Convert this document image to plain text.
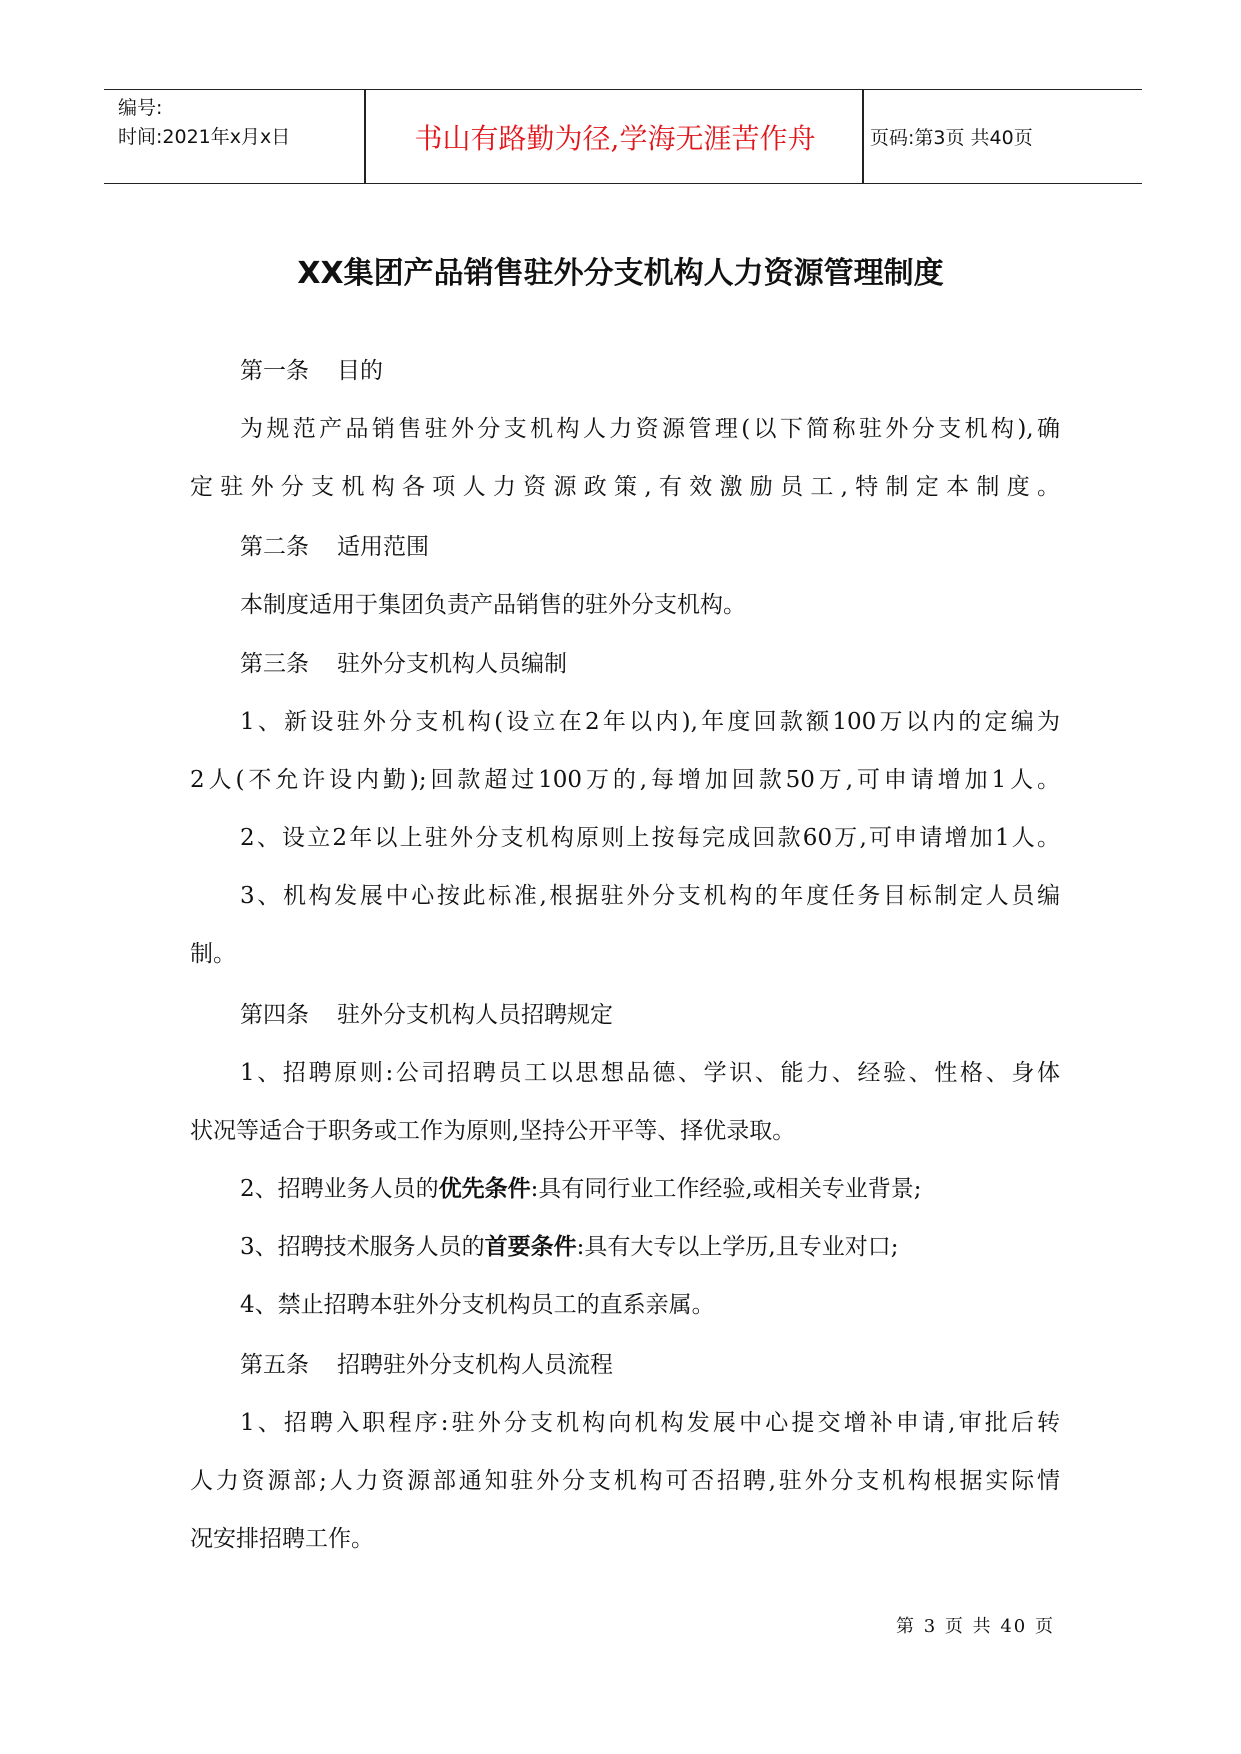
编号:
时间:2021年x月x日	书山有路勤为径,学海无涯苦作舟	页码:第3页 共40页
XX集团产品销售驻外分支机构人力资源管理制度
第一条 目的
为规范产品销售驻外分支机构人力资源管理(以下简称驻外分支机构),确
定驻外分支机构各项人力资源政策,有效激励员工,特制定本制度。
第二条 适用范围
本制度适用于集团负责产品销售的驻外分支机构。
第三条 驻外分支机构人员编制
1、新设驻外分支机构(设立在2年以内),年度回款额100万以内的定编为
2人(不允许设内勤);回款超过100万的,每增加回款50万,可申请增加1人。
2、设立2年以上驻外分支机构原则上按每完成回款60万,可申请增加1人。
3、机构发展中心按此标准,根据驻外分支机构的年度任务目标制定人员编
制。
第四条 驻外分支机构人员招聘规定
1、招聘原则:公司招聘员工以思想品德、学识、能力、经验、性格、身体
状况等适合于职务或工作为原则,坚持公开平等、择优录取。
2、招聘业务人员的优先条件:具有同行业工作经验,或相关专业背景;
3、招聘技术服务人员的首要条件:具有大专以上学历,且专业对口;
4、禁止招聘本驻外分支机构员工的直系亲属。
第五条 招聘驻外分支机构人员流程
1、招聘入职程序:驻外分支机构向机构发展中心提交增补申请,审批后转
人力资源部;人力资源部通知驻外分支机构可否招聘,驻外分支机构根据实际情
况安排招聘工作。
第 3 页 共 40 页
